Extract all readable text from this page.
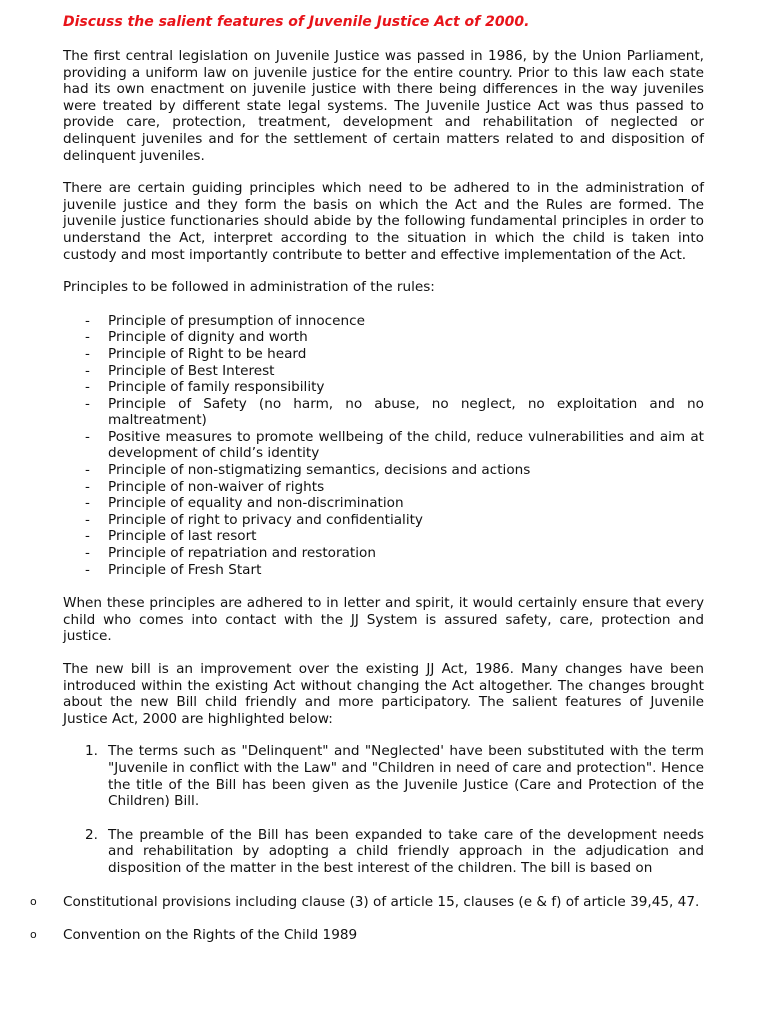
Discuss the salient features of Juvenile Justice Act of 2000.

The first central legislation on Juvenile Justice was passed in 1986, by the Union Parliament, providing a uniform law on juvenile justice for the entire country. Prior to this law each state had its own enactment on juvenile justice with there being differences in the way juveniles were treated by different state legal systems. The Juvenile Justice Act was thus passed to provide care, protection, treatment, development and rehabilitation of neglected or delinquent juveniles and for the settlement of certain matters related to and disposition of delinquent juveniles.

There are certain guiding principles which need to be adhered to in the administration of juvenile justice and they form the basis on which the Act and the Rules are formed. The juvenile justice functionaries should abide by the following fundamental principles in order to understand the Act, interpret according to the situation in which the child is taken into custody and most importantly contribute to better and effective implementation of the Act.

Principles to be followed in administration of the rules:

- Principle of presumption of innocence
- Principle of dignity and worth
- Principle of Right to be heard
- Principle of Best Interest
- Principle of family responsibility
- Principle of Safety (no harm, no abuse, no neglect, no exploitation and no maltreatment)
- Positive measures to promote wellbeing of the child, reduce vulnerabilities and aim at development of child’s identity
- Principle of non-stigmatizing semantics, decisions and actions
- Principle of non-waiver of rights
- Principle of equality and non-discrimination
- Principle of right to privacy and confidentiality
- Principle of last resort
- Principle of repatriation and restoration
- Principle of Fresh Start

When these principles are adhered to in letter and spirit, it would certainly ensure that every child who comes into contact with the JJ System is assured safety, care, protection and justice.

The new bill is an improvement over the existing JJ Act, 1986. Many changes have been introduced within the existing Act without changing the Act altogether. The changes brought about the new Bill child friendly and more participatory. The salient features of Juvenile Justice Act, 2000 are highlighted below:

1. The terms such as "Delinquent" and "Neglected' have been substituted with the term "Juvenile in conflict with the Law" and "Children in need of care and protection". Hence the title of the Bill has been given as the Juvenile Justice (Care and Protection of the Children) Bill.
2. The preamble of the Bill has been expanded to take care of the development needs and rehabilitation by adopting a child friendly approach in the adjudication and disposition of the matter in the best interest of the children. The bill is based on
o Constitutional provisions including clause (3) of article 15, clauses (e & f) of article 39,45, 47.
o Convention on the Rights of the Child 1989
